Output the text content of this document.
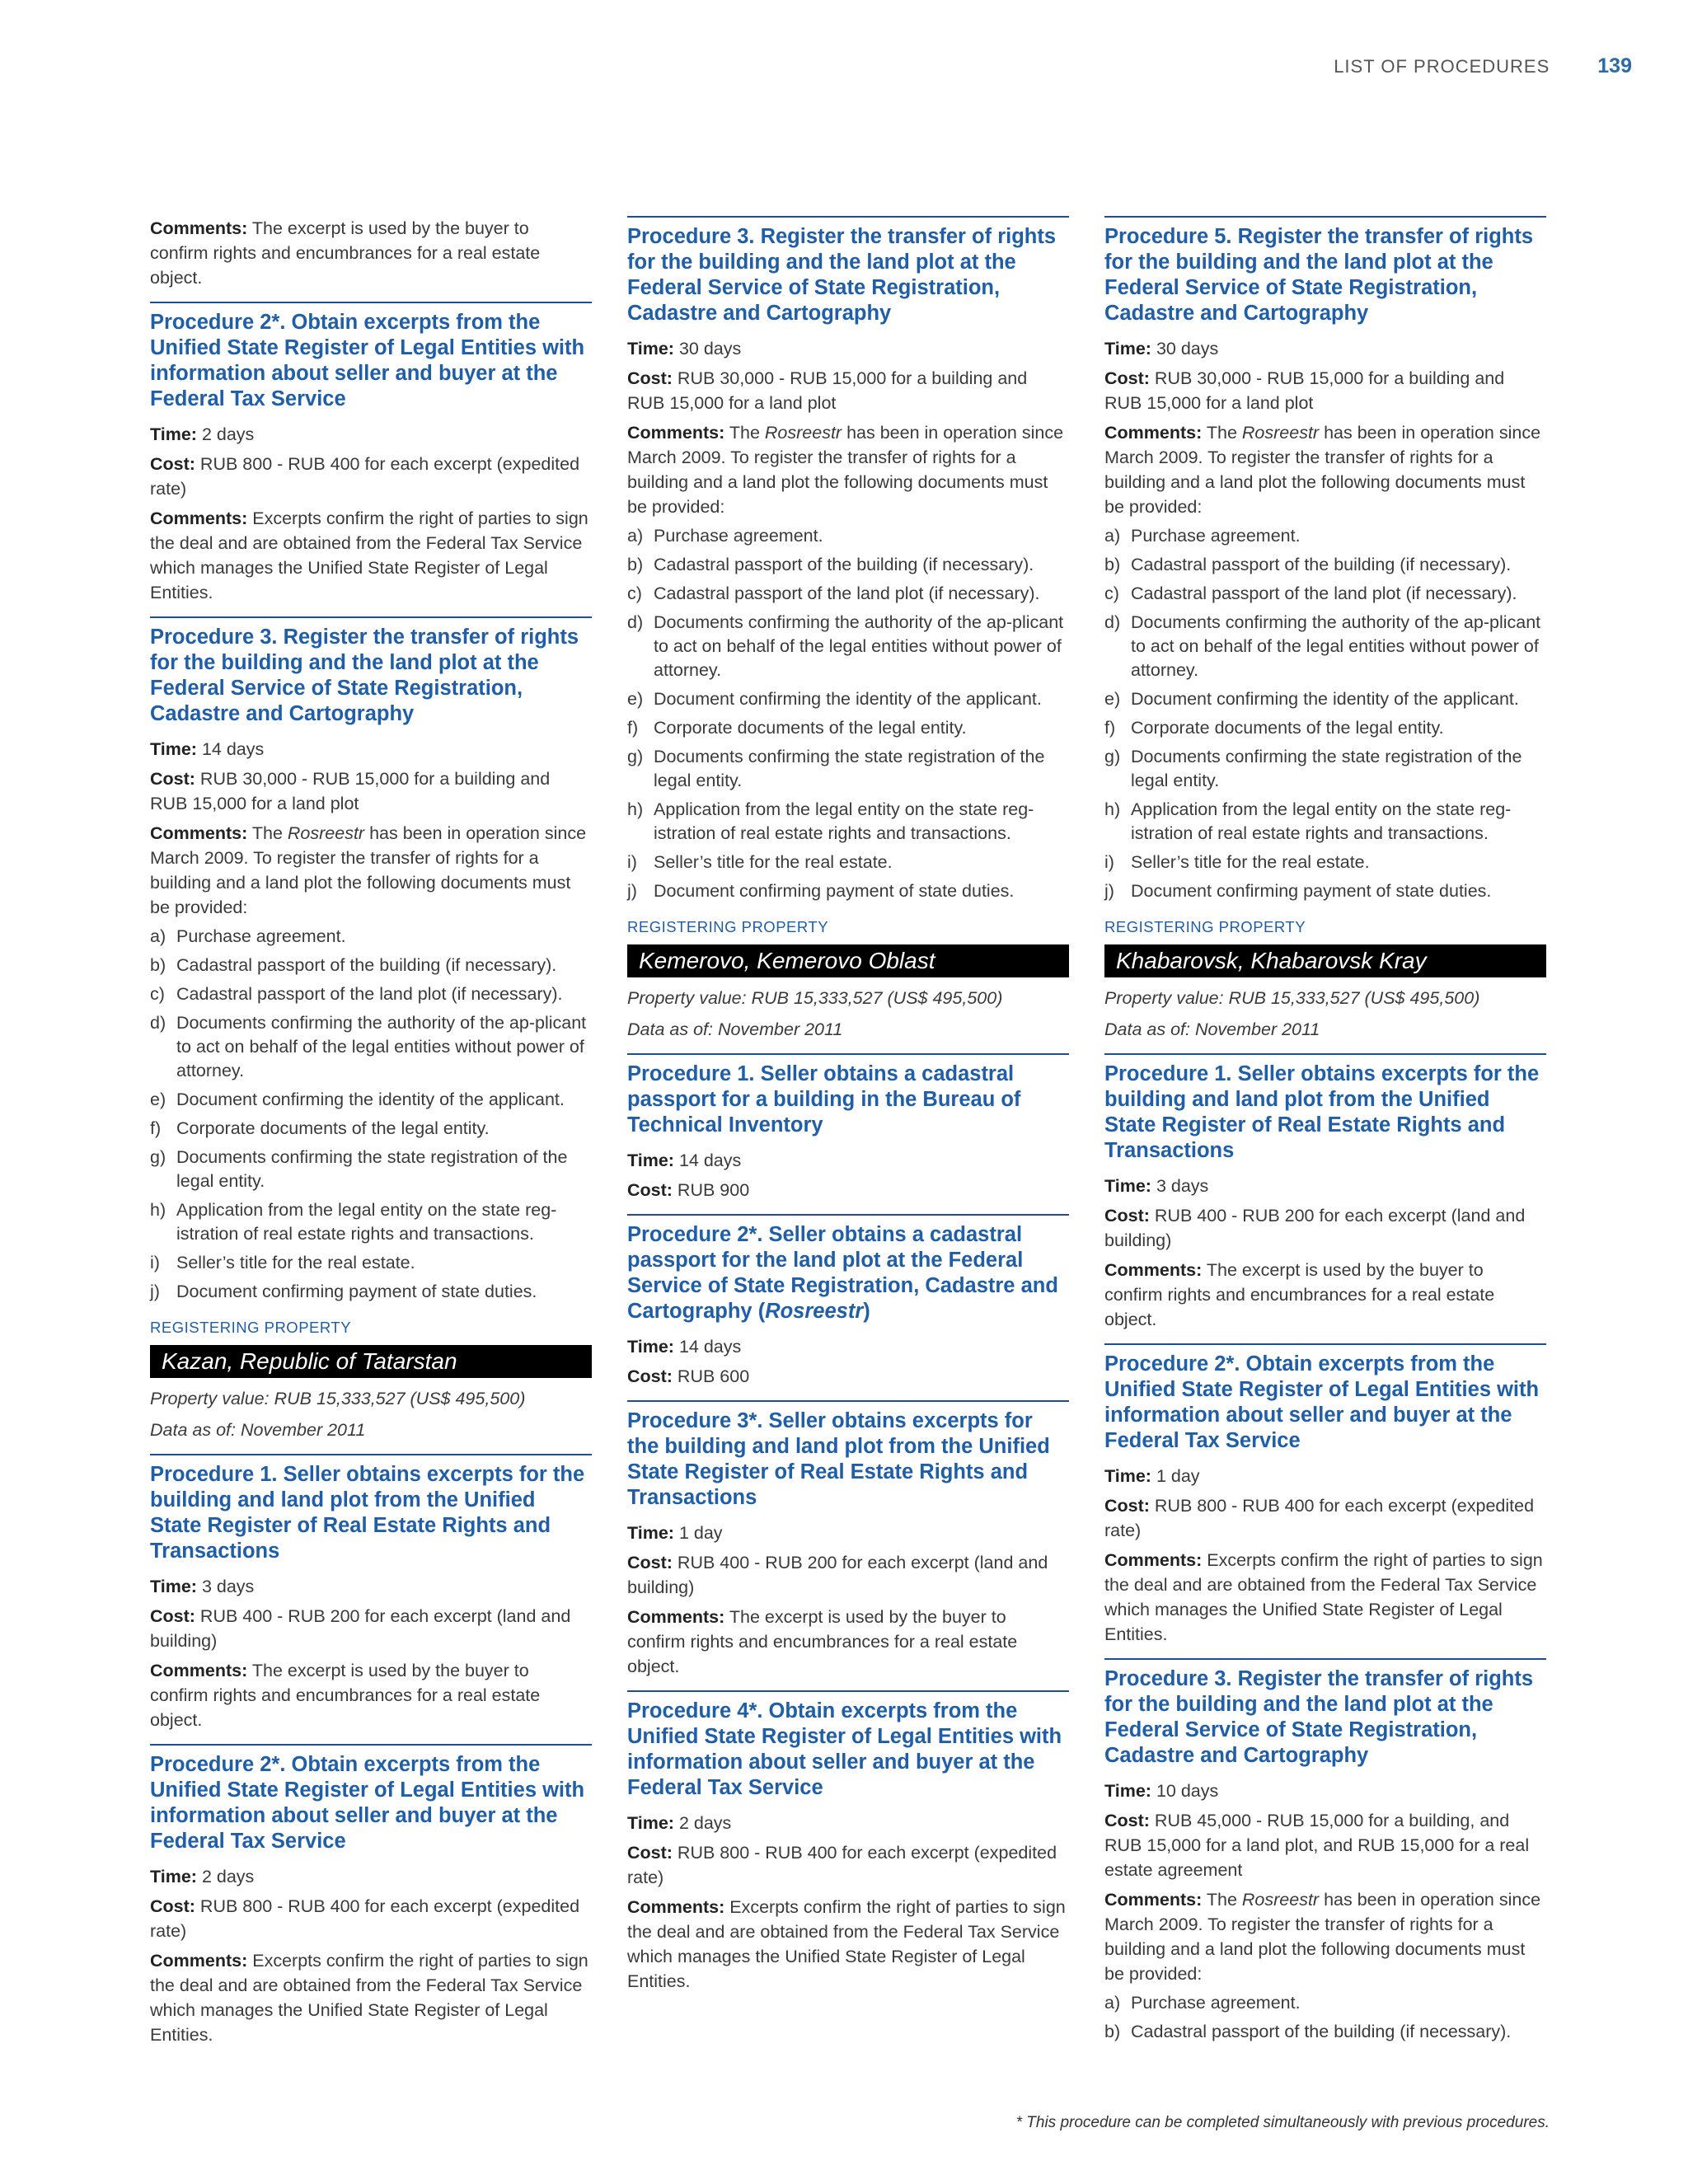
LIST OF PROCEDURES 139

Comments: The excerpt is used by the buyer to confirm rights and encumbrances for a real estate object.

Procedure 2*. Obtain excerpts from the Unified State Register of Legal Entities with information about seller and buyer at the Federal Tax Service

Time: 2 days

Cost: RUB 800 - RUB 400 for each excerpt (expedited rate)

Comments: Excerpts confirm the right of parties to sign the deal and are obtained from the Federal Tax Service which manages the Unified State Register of Legal Entities.

Procedure 3. Register the transfer of rights for the building and the land plot at the Federal Service of State Registration, Cadastre and Cartography

Time: 14 days

Cost: RUB 30,000 - RUB 15,000 for a building and RUB 15,000 for a land plot

Comments: The Rosreestr has been in operation since March 2009. To register the transfer of rights for a building and a land plot the following documents must be provided:

a) Purchase agreement.
b) Cadastral passport of the building (if necessary).
c) Cadastral passport of the land plot (if necessary).
d) Documents confirming the authority of the ap-plicant to act on behalf of the legal entities without power of attorney.
e) Document confirming the identity of the applicant.
f) Corporate documents of the legal entity.
g) Documents confirming the state registration of the legal entity.
h) Application from the legal entity on the state reg-istration of real estate rights and transactions.
i) Seller’s title for the real estate.
j) Document confirming payment of state duties.
REGISTERING PROPERTY
Kazan, Republic of Tatarstan

Property value: RUB 15,333,527 (US$ 495,500)

Data as of: November 2011

Procedure 1. Seller obtains excerpts for the building and land plot from the Unified State Register of Real Estate Rights and Transactions

Time: 3 days

Cost: RUB 400 - RUB 200 for each excerpt (land and building)

Comments: The excerpt is used by the buyer to confirm rights and encumbrances for a real estate object.

Procedure 2*. Obtain excerpts from the Unified State Register of Legal Entities with information about seller and buyer at the Federal Tax Service

Time: 2 days

Cost: RUB 800 - RUB 400 for each excerpt (expedited rate)

Comments: Excerpts confirm the right of parties to sign the deal and are obtained from the Federal Tax Service which manages the Unified State Register of Legal Entities.

Procedure 3. Register the transfer of rights for the building and the land plot at the Federal Service of State Registration, Cadastre and Cartography

Time: 30 days

Cost: RUB 30,000 - RUB 15,000 for a building and RUB 15,000 for a land plot

Comments: The Rosreestr has been in operation since March 2009. To register the transfer of rights for a building and a land plot the following documents must be provided:

a) Purchase agreement.
b) Cadastral passport of the building (if necessary).
c) Cadastral passport of the land plot (if necessary).
d) Documents confirming the authority of the ap-plicant to act on behalf of the legal entities without power of attorney.
e) Document confirming the identity of the applicant.
f) Corporate documents of the legal entity.
g) Documents confirming the state registration of the legal entity.
h) Application from the legal entity on the state reg-istration of real estate rights and transactions.
i) Seller’s title for the real estate.
j) Document confirming payment of state duties.
REGISTERING PROPERTY
Kemerovo, Kemerovo Oblast

Property value: RUB 15,333,527 (US$ 495,500)

Data as of: November 2011

Procedure 1. Seller obtains a cadastral passport for a building in the Bureau of Technical Inventory

Time: 14 days

Cost: RUB 900

Procedure 2*. Seller obtains a cadastral passport for the land plot at the Federal Service of State Registration, Cadastre and Cartography (Rosreestr)

Time: 14 days

Cost: RUB 600

Procedure 3*. Seller obtains excerpts for the building and land plot from the Unified State Register of Real Estate Rights and Transactions

Time: 1 day

Cost: RUB 400 - RUB 200 for each excerpt (land and building)

Comments: The excerpt is used by the buyer to confirm rights and encumbrances for a real estate object.

Procedure 4*. Obtain excerpts from the Unified State Register of Legal Entities with information about seller and buyer at the Federal Tax Service

Time: 2 days

Cost: RUB 800 - RUB 400 for each excerpt (expedited rate)

Comments: Excerpts confirm the right of parties to sign the deal and are obtained from the Federal Tax Service which manages the Unified State Register of Legal Entities.

Procedure 5. Register the transfer of rights for the building and the land plot at the Federal Service of State Registration, Cadastre and Cartography

Time: 30 days

Cost: RUB 30,000 - RUB 15,000 for a building and RUB 15,000 for a land plot

Comments: The Rosreestr has been in operation since March 2009. To register the transfer of rights for a building and a land plot the following documents must be provided:

a) Purchase agreement.
b) Cadastral passport of the building (if necessary).
c) Cadastral passport of the land plot (if necessary).
d) Documents confirming the authority of the ap-plicant to act on behalf of the legal entities without power of attorney.
e) Document confirming the identity of the applicant.
f) Corporate documents of the legal entity.
g) Documents confirming the state registration of the legal entity.
h) Application from the legal entity on the state reg-istration of real estate rights and transactions.
i) Seller’s title for the real estate.
j) Document confirming payment of state duties.
REGISTERING PROPERTY
Khabarovsk, Khabarovsk Kray

Property value: RUB 15,333,527 (US$ 495,500)

Data as of: November 2011

Procedure 1. Seller obtains excerpts for the building and land plot from the Unified State Register of Real Estate Rights and Transactions

Time: 3 days

Cost: RUB 400 - RUB 200 for each excerpt (land and building)

Comments: The excerpt is used by the buyer to confirm rights and encumbrances for a real estate object.

Procedure 2*. Obtain excerpts from the Unified State Register of Legal Entities with information about seller and buyer at the Federal Tax Service

Time: 1 day

Cost: RUB 800 - RUB 400 for each excerpt (expedited rate)

Comments: Excerpts confirm the right of parties to sign the deal and are obtained from the Federal Tax Service which manages the Unified State Register of Legal Entities.

Procedure 3. Register the transfer of rights for the building and the land plot at the Federal Service of State Registration, Cadastre and Cartography

Time: 10 days

Cost: RUB 45,000 - RUB 15,000 for a building, and RUB 15,000 for a land plot, and RUB 15,000 for a real estate agreement

Comments: The Rosreestr has been in operation since March 2009. To register the transfer of rights for a building and a land plot the following documents must be provided:

a) Purchase agreement.
b) Cadastral passport of the building (if necessary).
* This procedure can be completed simultaneously with previous procedures.
